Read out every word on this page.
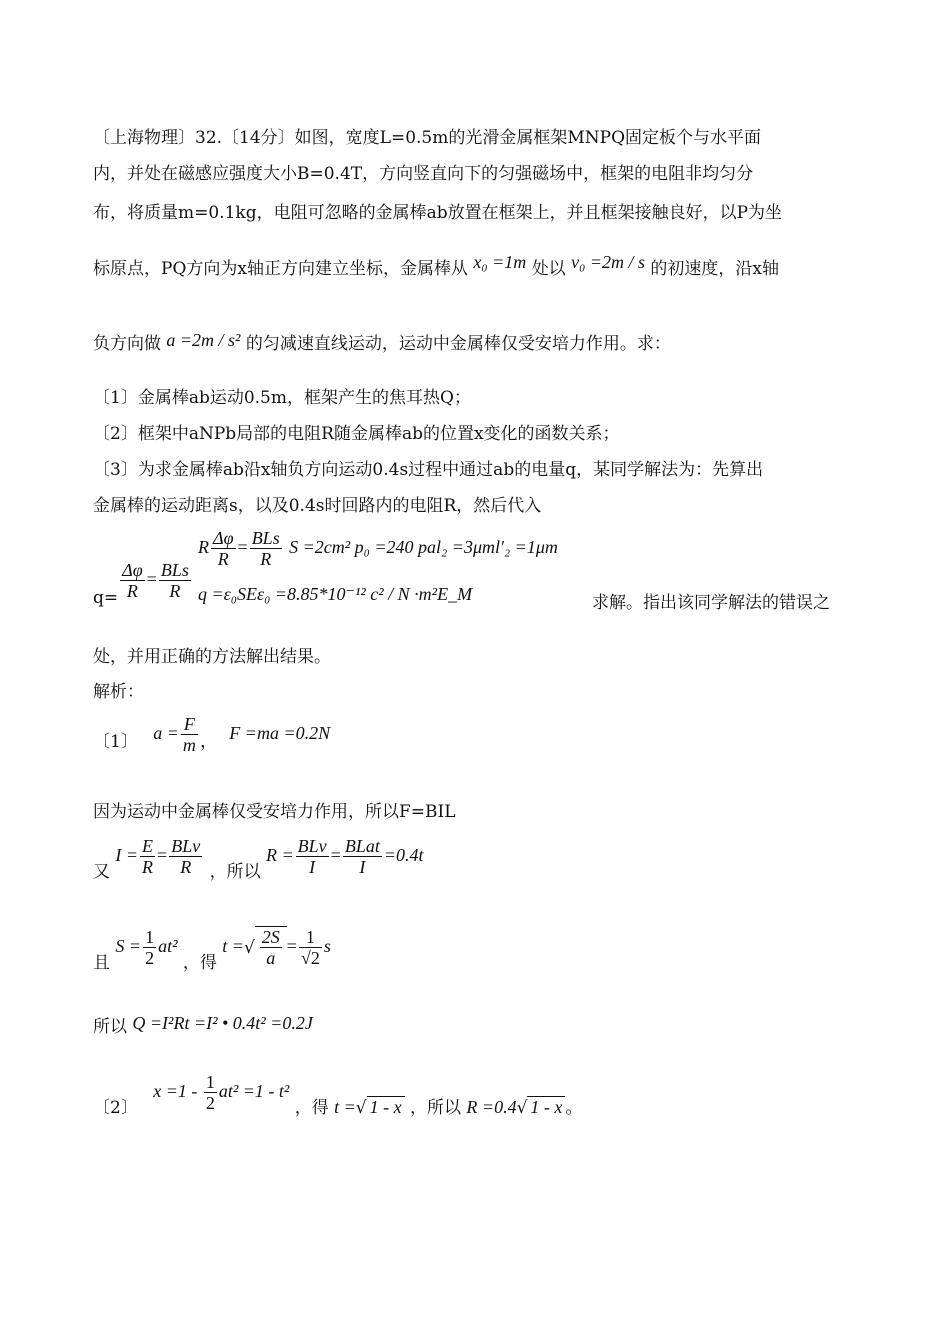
〔上海物理〕32.〔14分〕如图，宽度L=0.5m的光滑金属框架MNPQ固定板个与水平面
内，并处在磁感应强度大小B=0.4T，方向竖直向下的匀强磁场中，框架的电阻非均匀分
布，将质量m=0.1kg，电阻可忽略的金属棒ab放置在框架上，并且框架接触良好，以P为坐
标原点，PQ方向为x轴正方向建立坐标，金属棒从 x₀ =1m 处以 v₀ =2m / s 的初速度，沿x轴
负方向做 a =2m / s² 的匀减速直线运动，运动中金属棒仅受安培力作用。求：
〔1〕金属棒ab运动0.5m，框架产生的焦耳热Q；
〔2〕框架中aNPb局部的电阻R随金属棒ab的位置x变化的函数关系；
〔3〕为求金属棒ab沿x轴负方向运动0.4s过程中通过ab的电量q，某同学解法为：先算出
金属棒的运动距离s，以及0.4s时回路内的电阻R，然后代入
R $\frac{\Delta\varphi}{R} = \frac{\text{BLs}}{R}$ S =2cm² p₀ =240 pal₂ =3μml′₂ =1μm
$q= \frac{\Delta\varphi}{R} = \frac{\text{BLs}}{R}$ q =ε₀SEε₀ =8.85*10⁻¹² c² / N ·m²E_M	求解。指出该同学解法的错误之
处，并用正确的方法解出结果。
解析：
〔1〕 $a = \frac{F}{m}$ ， F =ma =0.2N
因为运动中金属棒仅受安培力作用，所以F=BIL
又 $I = \frac{E}{R} = \frac{\text{BLv}}{R}$ ，所以 $R = \frac{\text{BLv}}{I} = \frac{\text{BLat}}{I} =0.4t$
且 $S = \frac{1}{2} at^2$ ，得 t =√ $\frac{2S}{a} = \frac{1}{√2}$ s
所以 Q =I²Rt =I² • 0.4t² =0.2J
〔2〕 $x =1 - \frac{1}{2} at^2 =1 - t^2$ ，得 t =√ 1 - x ，所以 R =0.4√ 1 - x 。
